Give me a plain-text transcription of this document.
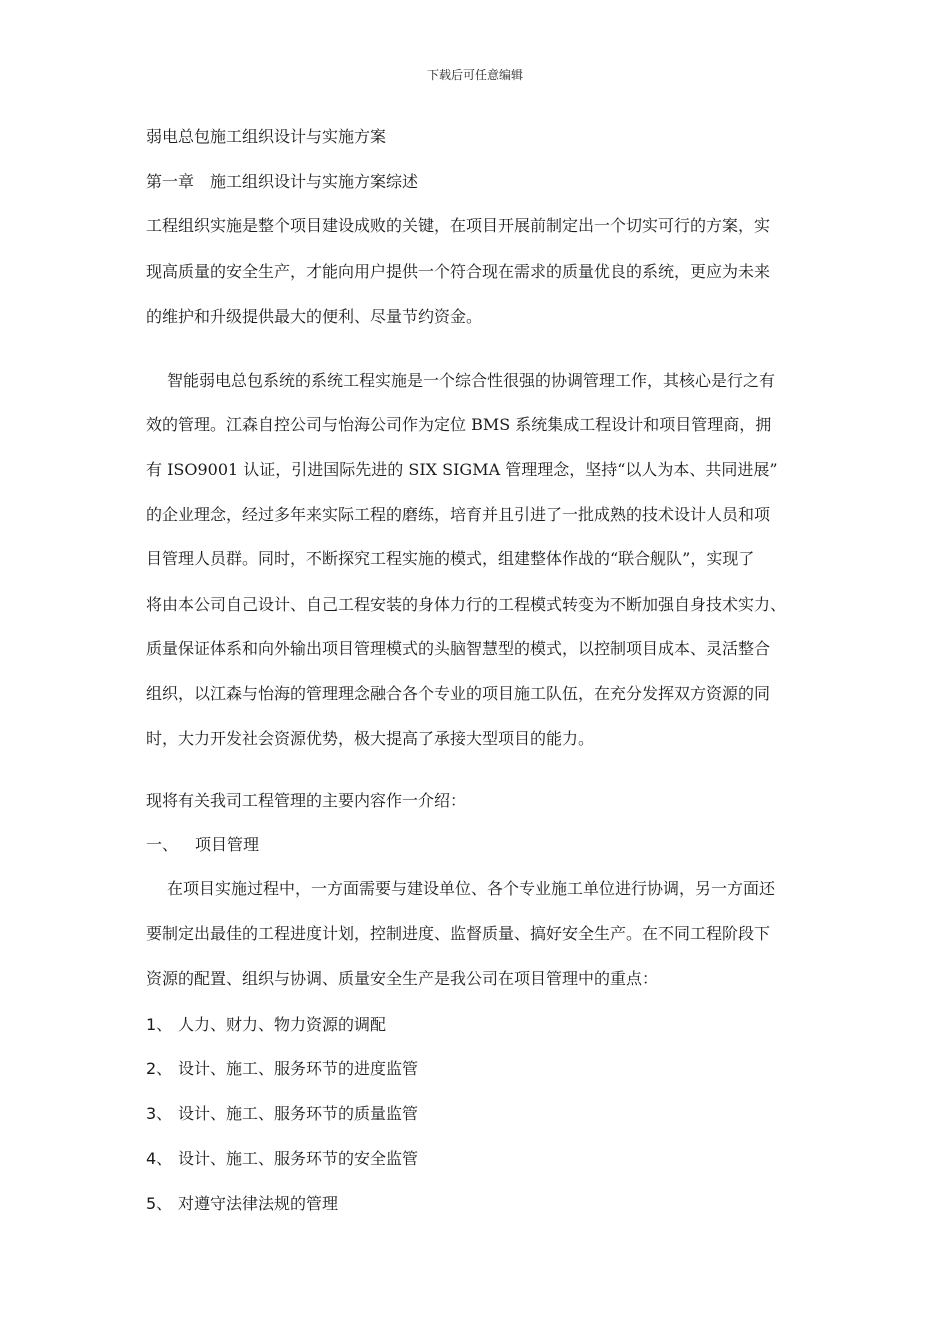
下载后可任意编辑
弱电总包施工组织设计与实施方案
第一章 施工组织设计与实施方案综述
工程组织实施是整个项目建设成败的关键，在项目开展前制定出一个切实可行的方案，实
现高质量的安全生产，才能向用户提供一个符合现在需求的质量优良的系统，更应为未来
的维护和升级提供最大的便利、尽量节约资金。
智能弱电总包系统的系统工程实施是一个综合性很强的协调管理工作，其核心是行之有
效的管理。江森自控公司与怡海公司作为定位 BMS 系统集成工程设计和项目管理商，拥
有 ISO9001 认证，引进国际先进的 SIX SIGMA 管理理念，坚持“以人为本、共同进展”
的企业理念，经过多年来实际工程的磨练，培育并且引进了一批成熟的技术设计人员和项
目管理人员群。同时，不断探究工程实施的模式，组建整体作战的“联合舰队”，实现了
将由本公司自己设计、自己工程安装的身体力行的工程模式转变为不断加强自身技术实力、
质量保证体系和向外输出项目管理模式的头脑智慧型的模式，以控制项目成本、灵活整合
组织，以江森与怡海的管理理念融合各个专业的项目施工队伍，在充分发挥双方资源的同
时，大力开发社会资源优势，极大提高了承接大型项目的能力。
现将有关我司工程管理的主要内容作一介绍：
一、 项目管理
在项目实施过程中，一方面需要与建设单位、各个专业施工单位进行协调，另一方面还
要制定出最佳的工程进度计划，控制进度、监督质量、搞好安全生产。在不同工程阶段下
资源的配置、组织与协调、质量安全生产是我公司在项目管理中的重点：
1、 人力、财力、物力资源的调配
2、 设计、施工、服务环节的进度监管
3、 设计、施工、服务环节的质量监管
4、 设计、施工、服务环节的安全监管
5、 对遵守法律法规的管理
